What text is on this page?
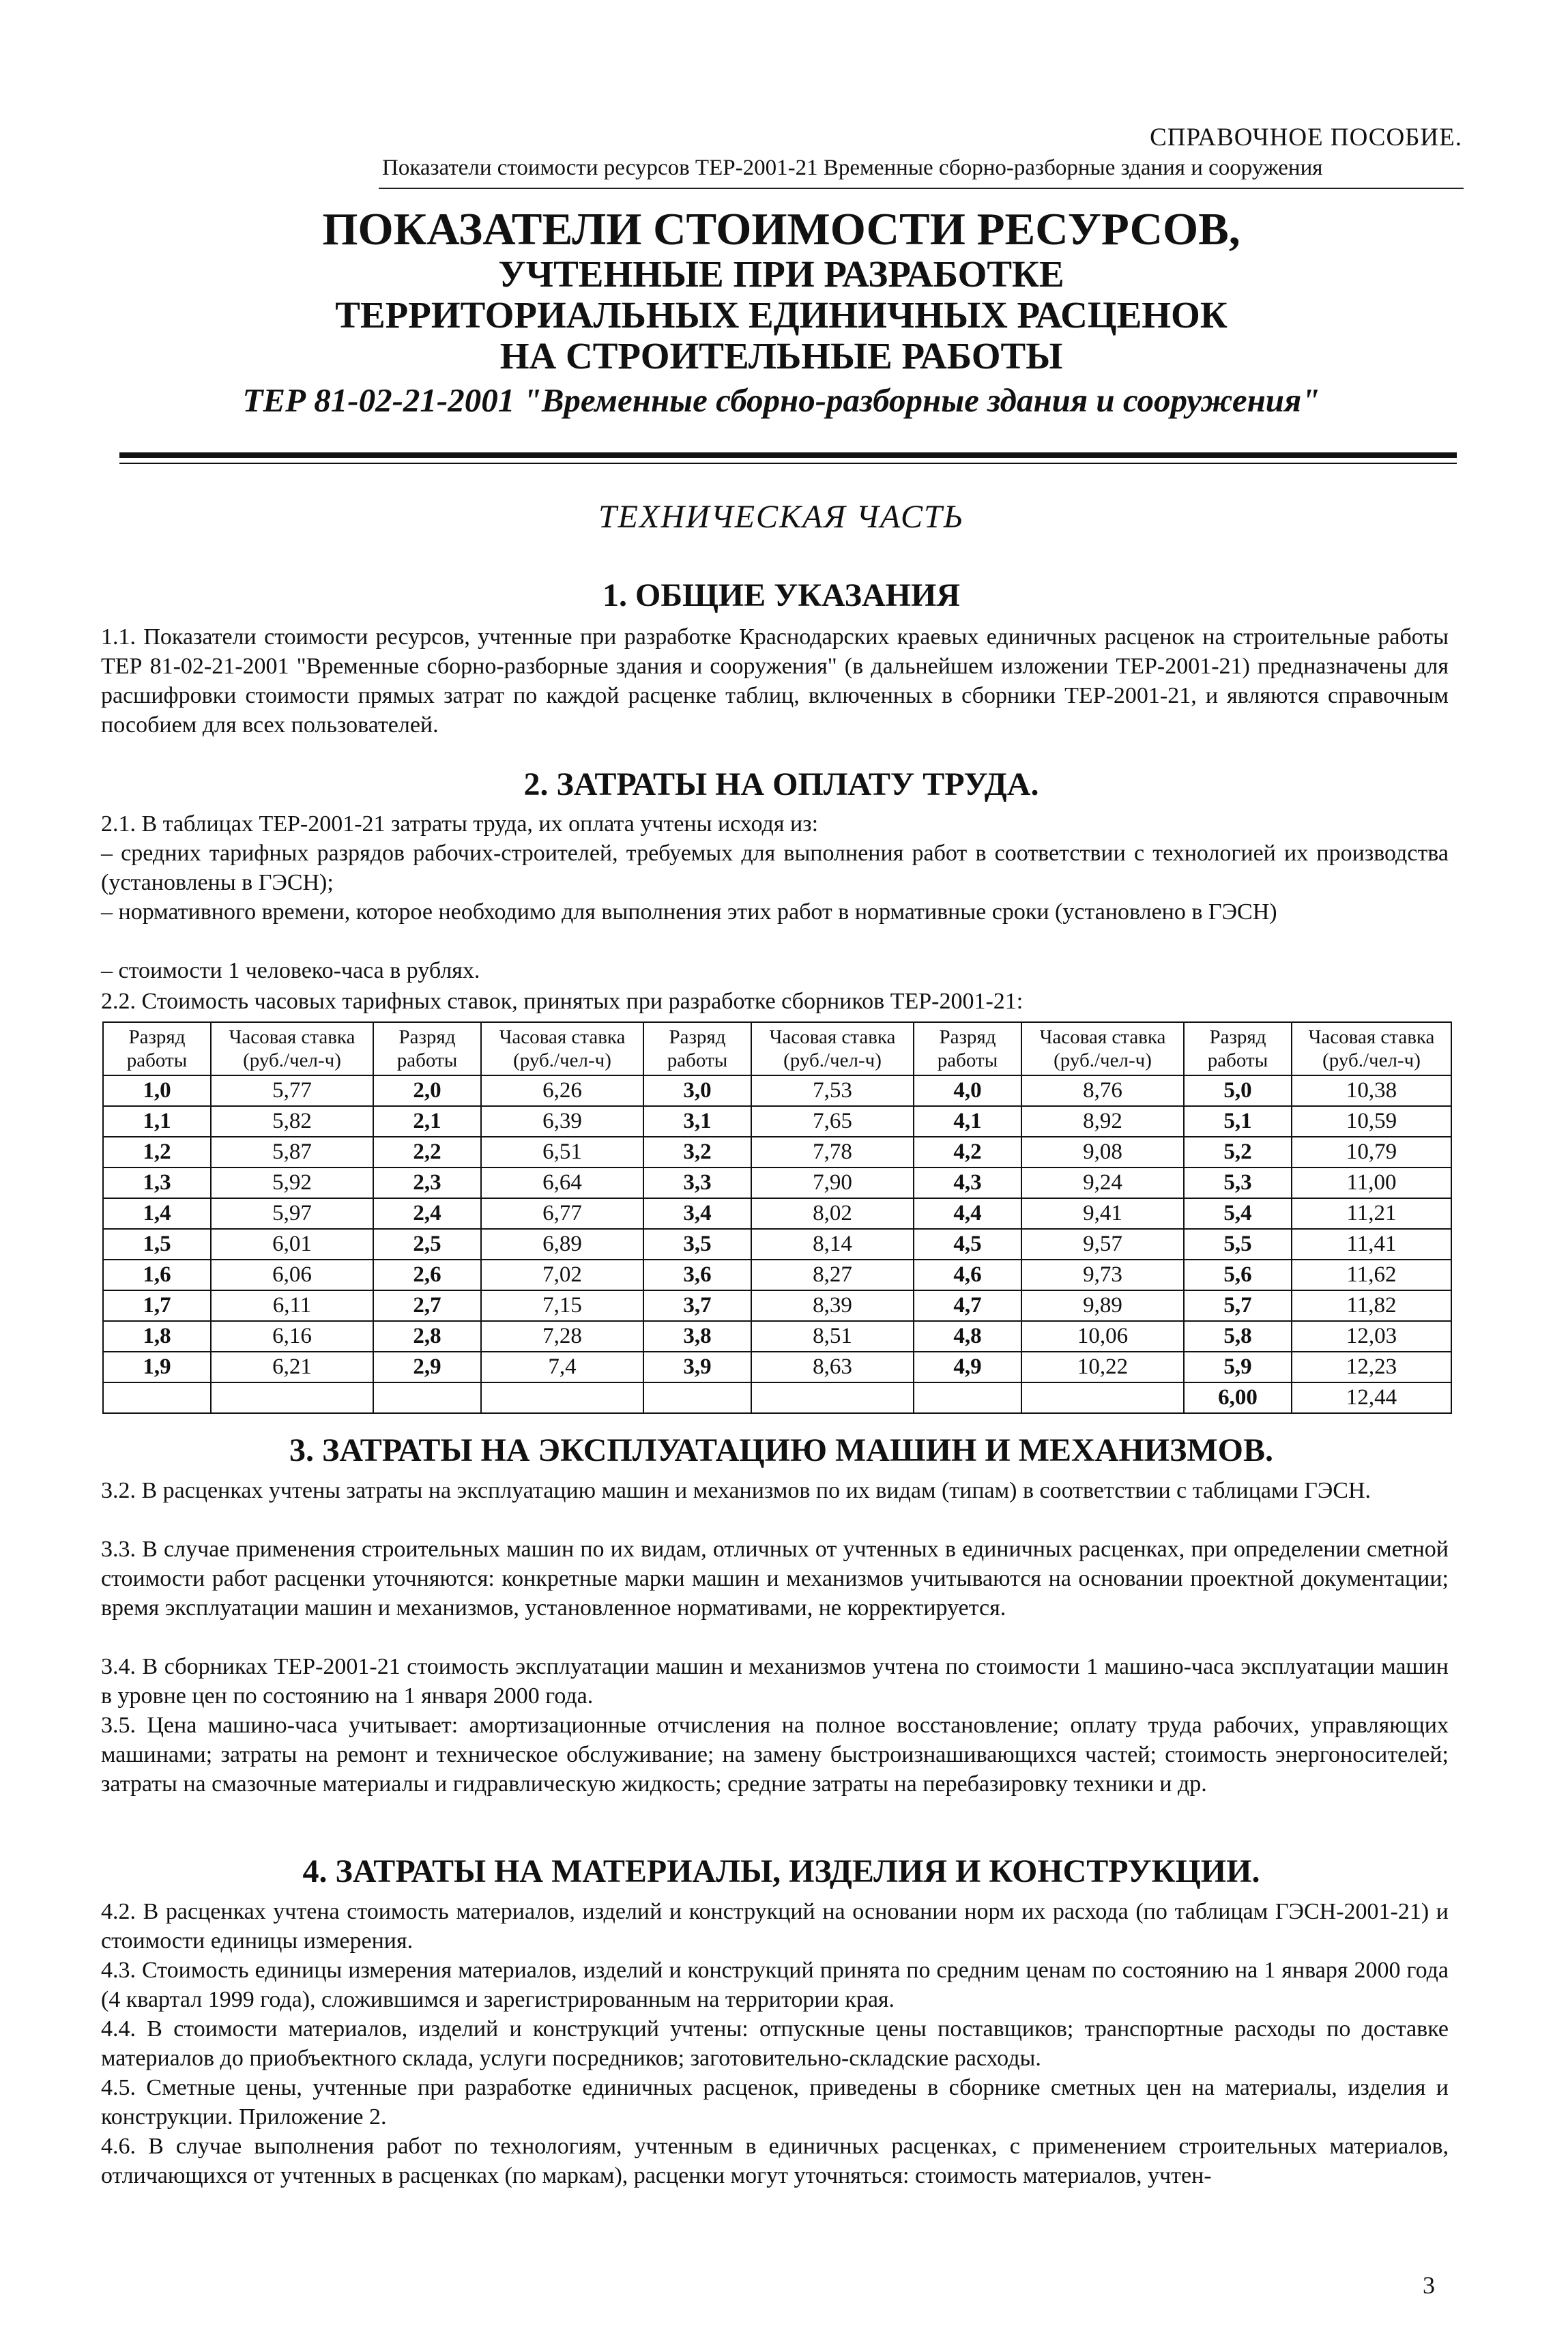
СПРАВОЧНОЕ ПОСОБИЕ.
Показатели стоимости ресурсов ТЕР-2001-21 Временные сборно-разборные здания и сооружения
ПОКАЗАТЕЛИ СТОИМОСТИ РЕСУРСОВ,
УЧТЕННЫЕ ПРИ РАЗРАБОТКЕ
ТЕРРИТОРИАЛЬНЫХ ЕДИНИЧНЫХ РАСЦЕНОК
НА СТРОИТЕЛЬНЫЕ РАБОТЫ
ТЕР 81-02-21-2001 "Временные сборно-разборные здания и сооружения"
ТЕХНИЧЕСКАЯ ЧАСТЬ
1. ОБЩИЕ УКАЗАНИЯ
1.1. Показатели стоимости ресурсов, учтенные при разработке Краснодарских краевых единичных расценок на строительные работы ТЕР 81-02-21-2001 "Временные сборно-разборные здания и сооружения" (в дальнейшем изложении ТЕР-2001-21) предназначены для расшифровки стоимости прямых затрат по каждой расценке таблиц, включенных в сборники ТЕР-2001-21, и являются справочным пособием для всех пользователей.
2. ЗАТРАТЫ НА ОПЛАТУ ТРУДА.
2.1. В таблицах ТЕР-2001-21 затраты труда, их оплата учтены исходя из:
– средних тарифных разрядов рабочих-строителей, требуемых для выполнения работ в соответствии с технологией их производства (установлены в ГЭСН);
– нормативного времени, которое необходимо для выполнения этих работ в нормативные сроки (установлено в ГЭСН)
– стоимости 1 человеко-часа в рублях.
2.2. Стоимость часовых тарифных ставок, принятых при разработке сборников ТЕР-2001-21:
Разряд работы	Часовая ставка (руб./чел-ч)	Разряд работы	Часовая ставка (руб./чел-ч)	Разряд работы	Часовая ставка (руб./чел-ч)	Разряд работы	Часовая ставка (руб./чел-ч)	Разряд работы	Часовая ставка (руб./чел-ч)
1,0	5,77	2,0	6,26	3,0	7,53	4,0	8,76	5,0	10,38
1,1	5,82	2,1	6,39	3,1	7,65	4,1	8,92	5,1	10,59
1,2	5,87	2,2	6,51	3,2	7,78	4,2	9,08	5,2	10,79
1,3	5,92	2,3	6,64	3,3	7,90	4,3	9,24	5,3	11,00
1,4	5,97	2,4	6,77	3,4	8,02	4,4	9,41	5,4	11,21
1,5	6,01	2,5	6,89	3,5	8,14	4,5	9,57	5,5	11,41
1,6	6,06	2,6	7,02	3,6	8,27	4,6	9,73	5,6	11,62
1,7	6,11	2,7	7,15	3,7	8,39	4,7	9,89	5,7	11,82
1,8	6,16	2,8	7,28	3,8	8,51	4,8	10,06	5,8	12,03
1,9	6,21	2,9	7,4	3,9	8,63	4,9	10,22	5,9	12,23
								6,00	12,44
3. ЗАТРАТЫ НА ЭКСПЛУАТАЦИЮ МАШИН И МЕХАНИЗМОВ.
3.2. В расценках учтены затраты на эксплуатацию машин и механизмов по их видам (типам) в соответствии с таблицами ГЭСН.
3.3. В случае применения строительных машин по их видам, отличных от учтенных в единичных расценках, при определении сметной стоимости работ расценки уточняются: конкретные марки машин и механизмов учитываются на основании проектной документации; время эксплуатации машин и механизмов, установленное нормативами, не корректируется.
3.4. В сборниках ТЕР-2001-21 стоимость эксплуатации машин и механизмов учтена по стоимости 1 машино-часа эксплуатации машин в уровне цен по состоянию на 1 января 2000 года.
3.5. Цена машино-часа учитывает: амортизационные отчисления на полное восстановление; оплату труда рабочих, управляющих машинами; затраты на ремонт и техническое обслуживание; на замену быстроизнашивающихся частей; стоимость энергоносителей; затраты на смазочные материалы и гидравлическую жидкость; средние затраты на перебазировку техники и др.
4. ЗАТРАТЫ НА МАТЕРИАЛЫ, ИЗДЕЛИЯ И КОНСТРУКЦИИ.
4.2. В расценках учтена стоимость материалов, изделий и конструкций на основании норм их расхода (по таблицам ГЭСН-2001-21) и стоимости единицы измерения.
4.3. Стоимость единицы измерения материалов, изделий и конструкций принята по средним ценам по состоянию на 1 января 2000 года (4 квартал 1999 года), сложившимся и зарегистрированным на территории края.
4.4. В стоимости материалов, изделий и конструкций учтены: отпускные цены поставщиков; транспортные расходы по доставке материалов до приобъектного склада, услуги посредников; заготовительно-складские расходы.
4.5. Сметные цены, учтенные при разработке единичных расценок, приведены в сборнике сметных цен на материалы, изделия и конструкции. Приложение 2.
4.6. В случае выполнения работ по технологиям, учтенным в единичных расценках, с применением строительных материалов, отличающихся от учтенных в расценках (по маркам), расценки могут уточняться: стоимость материалов, учтен-
3
